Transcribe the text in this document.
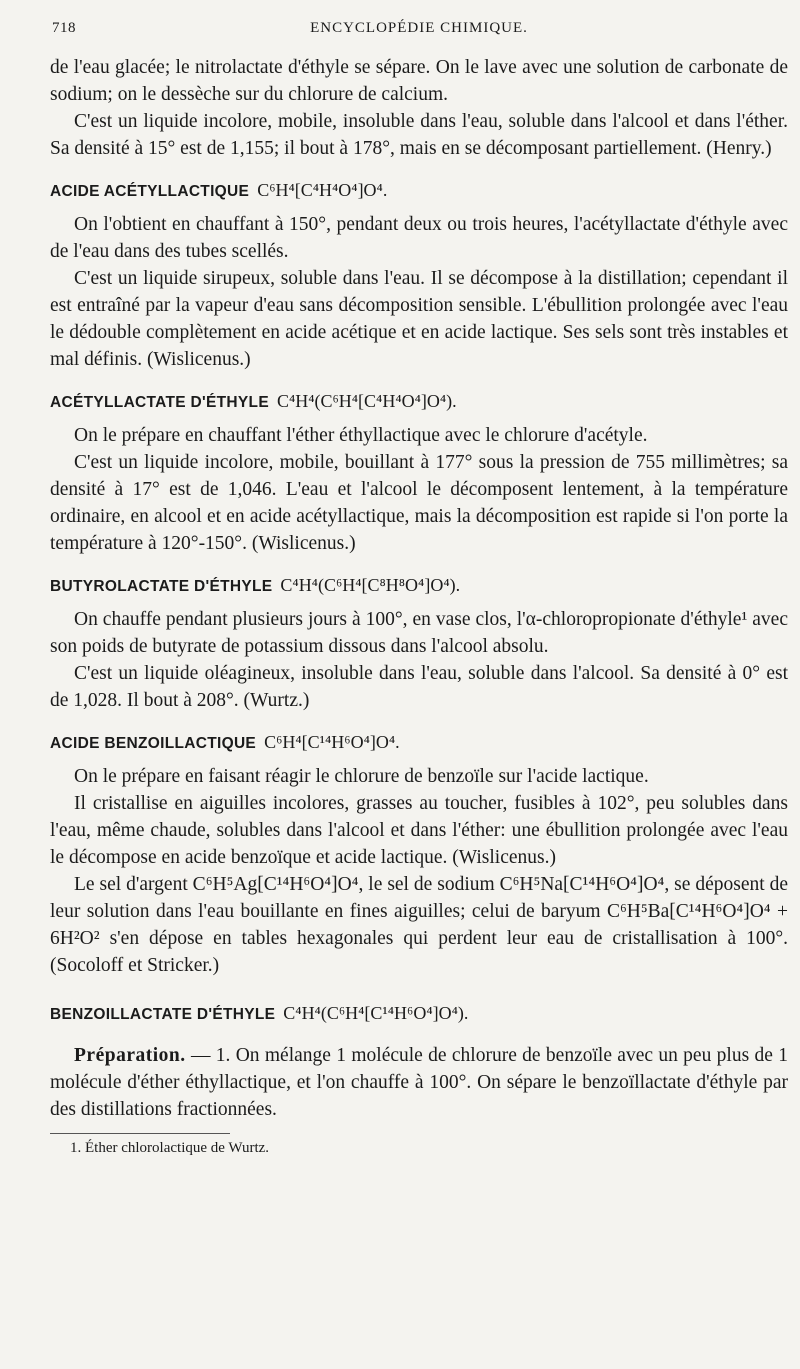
718	ENCYCLOPÉDIE CHIMIQUE.

de l'eau glacée; le nitrolactate d'éthyle se sépare. On le lave avec une solution de carbonate de sodium; on le dessèche sur du chlorure de calcium.

C'est un liquide incolore, mobile, insoluble dans l'eau, soluble dans l'alcool et dans l'éther. Sa densité à 15° est de 1,155; il bout à 178°, mais en se décomposant partiellement. (Henry.)

ACIDE ACÉTYLLACTIQUE C⁶H⁴[C⁴H⁴O⁴]O⁴.

On l'obtient en chauffant à 150°, pendant deux ou trois heures, l'acétyllactate d'éthyle avec de l'eau dans des tubes scellés.

C'est un liquide sirupeux, soluble dans l'eau. Il se décompose à la distillation; cependant il est entraîné par la vapeur d'eau sans décomposition sensible. L'ébullition prolongée avec l'eau le dédouble complètement en acide acétique et en acide lactique. Ses sels sont très instables et mal définis. (Wislicenus.)

ACÉTYLLACTATE D'ÉTHYLE C⁴H⁴(C⁶H⁴[C⁴H⁴O⁴]O⁴).

On le prépare en chauffant l'éther éthyllactique avec le chlorure d'acétyle.

C'est un liquide incolore, mobile, bouillant à 177° sous la pression de 755 millimètres; sa densité à 17° est de 1,046. L'eau et l'alcool le décomposent lentement, à la température ordinaire, en alcool et en acide acétyllactique, mais la décomposition est rapide si l'on porte la température à 120°-150°. (Wislicenus.)

BUTYROLACTATE D'ÉTHYLE C⁴H⁴(C⁶H⁴[C⁸H⁸O⁴]O⁴).

On chauffe pendant plusieurs jours à 100°, en vase clos, l'α-chloropropionate d'éthyle¹ avec son poids de butyrate de potassium dissous dans l'alcool absolu.

C'est un liquide oléagineux, insoluble dans l'eau, soluble dans l'alcool. Sa densité à 0° est de 1,028. Il bout à 208°. (Wurtz.)

ACIDE BENZOILLACTIQUE C⁶H⁴[C¹⁴H⁶O⁴]O⁴.

On le prépare en faisant réagir le chlorure de benzoïle sur l'acide lactique.

Il cristallise en aiguilles incolores, grasses au toucher, fusibles à 102°, peu solubles dans l'eau, même chaude, solubles dans l'alcool et dans l'éther: une ébullition prolongée avec l'eau le décompose en acide benzoïque et acide lactique. (Wislicenus.)

Le sel d'argent C⁶H⁵Ag[C¹⁴H⁶O⁴]O⁴, le sel de sodium C⁶H⁵Na[C¹⁴H⁶O⁴]O⁴, se déposent de leur solution dans l'eau bouillante en fines aiguilles; celui de baryum C⁶H⁵Ba[C¹⁴H⁶O⁴]O⁴ + 6H²O² s'en dépose en tables hexagonales qui perdent leur eau de cristallisation à 100°. (Socoloff et Stricker.)

BENZOILLACTATE D'ÉTHYLE C⁴H⁴(C⁶H⁴[C¹⁴H⁶O⁴]O⁴).

Préparation. — 1. On mélange 1 molécule de chlorure de benzoïle avec un peu plus de 1 molécule d'éther éthyllactique, et l'on chauffe à 100°. On sépare le benzoïllactate d'éthyle par des distillations fractionnées.

1. Éther chlorolactique de Wurtz.
